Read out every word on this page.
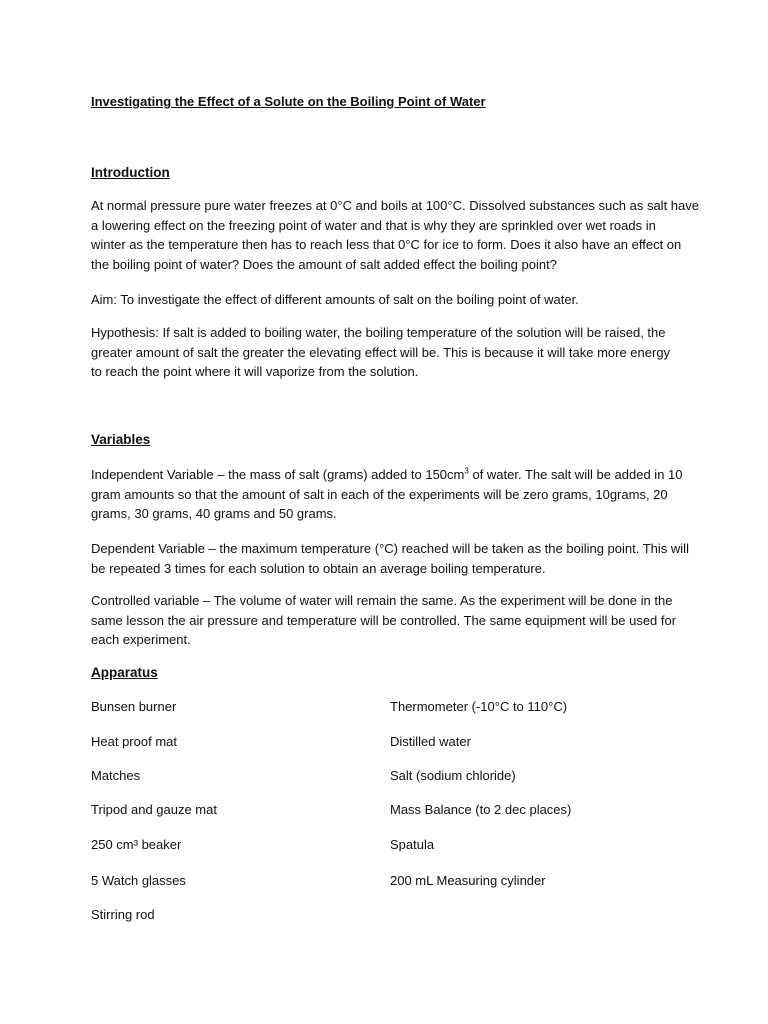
Investigating the Effect of a Solute on the Boiling Point of Water
Introduction

At normal pressure pure water freezes at 0°C and boils at 100°C. Dissolved substances such as salt have
a lowering effect on the freezing point of water and that is why they are sprinkled over wet roads in
winter as the temperature then has to reach less that 0°C for ice to form. Does it also have an effect on
the boiling point of water? Does the amount of salt added effect the boiling point?

Aim: To investigate the effect of different amounts of salt on the boiling point of water.

Hypothesis: If salt is added to boiling water, the boiling temperature of the solution will be raised, the
greater amount of salt the greater the elevating effect will be. This is because it will take more energy
to reach the point where it will vaporize from the solution.

Variables

Independent Variable – the mass of salt (grams) added to $150cm^3$ of water. The salt will be added in 10
gram amounts so that the amount of salt in each of the experiments will be zero grams, 10grams, 20
grams, 30 grams, 40 grams and 50 grams.

Dependent Variable – the maximum temperature (°C) reached will be taken as the boiling point. This will
be repeated 3 times for each solution to obtain an average boiling temperature.

Controlled variable – The volume of water will remain the same. As the experiment will be done in the
same lesson the air pressure and temperature will be controlled. The same equipment will be used for
each experiment.

Apparatus
Bunsen burner
Heat proof mat
Matches
Tripod and gauze mat
250 cm³ beaker
5 Watch glasses
Stirring rod
Thermometer (-10°C to 110°C)
Distilled water
Salt (sodium chloride)
Mass Balance (to 2 dec places)
Spatula
200 mL Measuring cylinder
